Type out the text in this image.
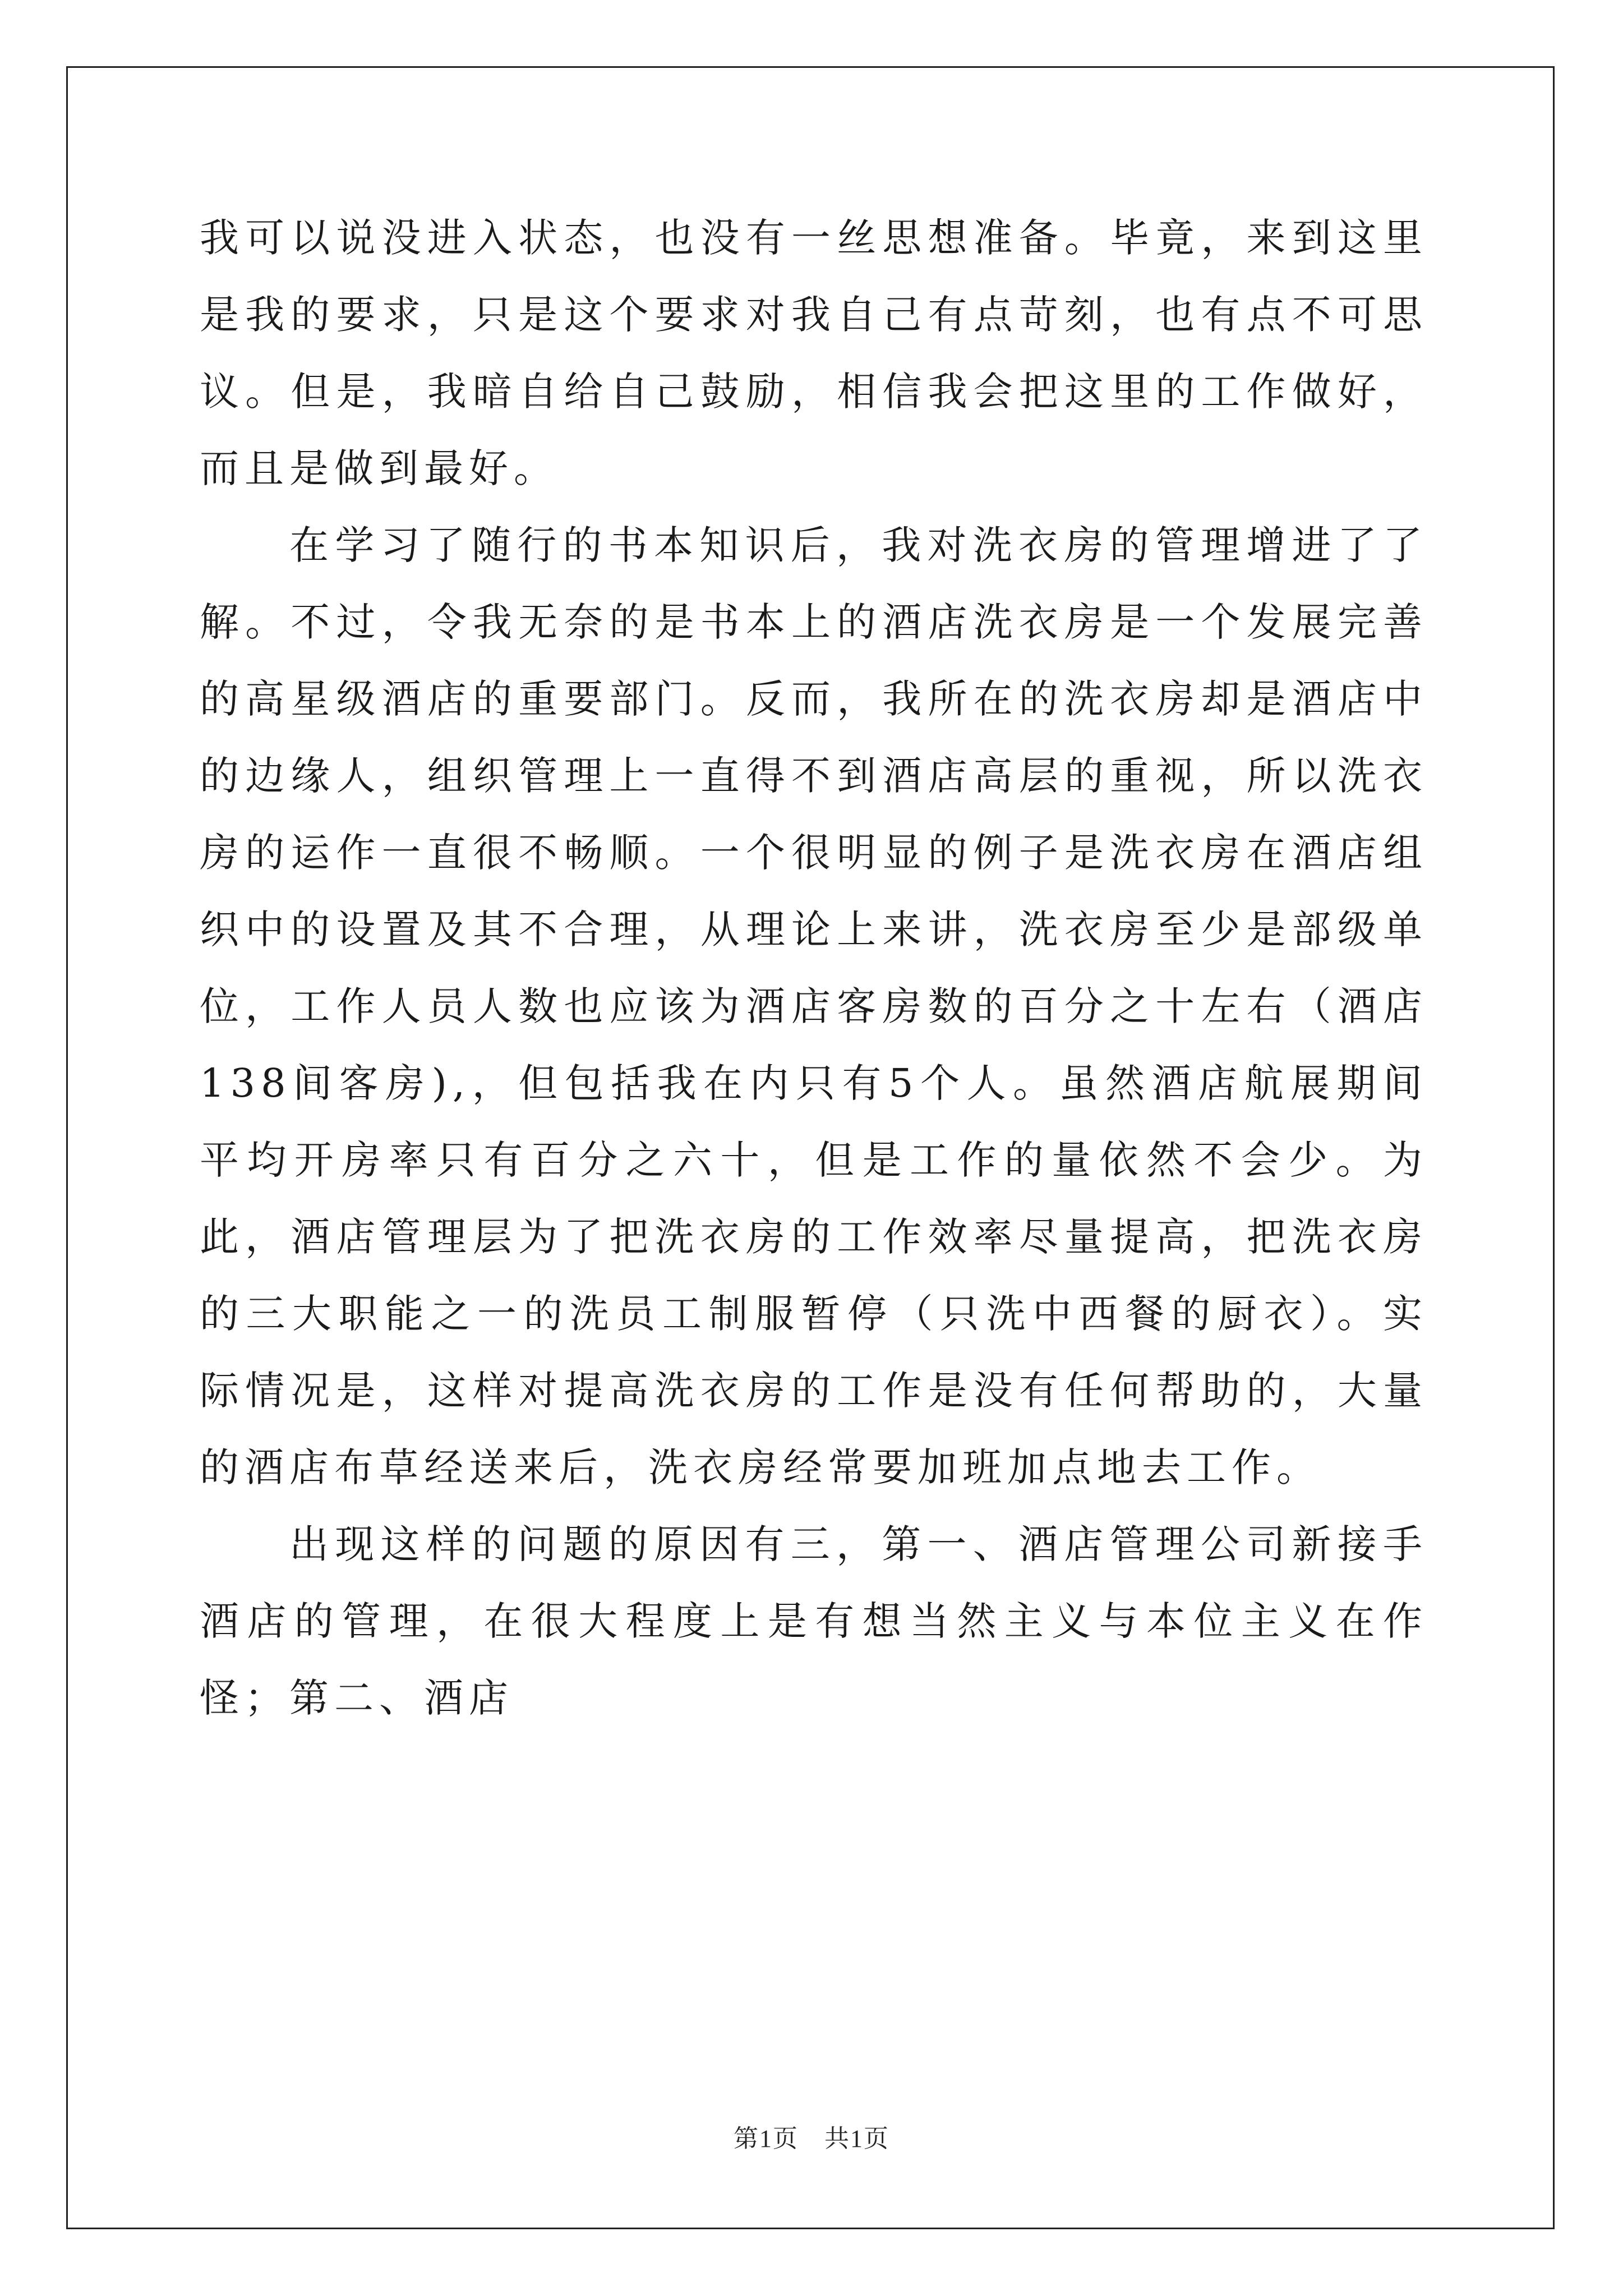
我可以说没进入状态，也没有一丝思想准备。毕竟，来到这里是我的要求，只是这个要求对我自己有点苛刻，也有点不可思议。但是，我暗自给自己鼓励，相信我会把这里的工作做好，而且是做到最好。

在学习了随行的书本知识后，我对洗衣房的管理增进了了解。不过，令我无奈的是书本上的酒店洗衣房是一个发展完善的高星级酒店的重要部门。反而，我所在的洗衣房却是酒店中的边缘人，组织管理上一直得不到酒店高层的重视，所以洗衣房的运作一直很不畅顺。一个很明显的例子是洗衣房在酒店组织中的设置及其不合理，从理论上来讲，洗衣房至少是部级单位，工作人员人数也应该为酒店客房数的百分之十左右（酒店138间客房),，但包括我在内只有5个人。虽然酒店航展期间平均开房率只有百分之六十，但是工作的量依然不会少。为此，酒店管理层为了把洗衣房的工作效率尽量提高，把洗衣房的三大职能之一的洗员工制服暂停（只洗中西餐的厨衣）。实际情况是，这样对提高洗衣房的工作是没有任何帮助的，大量的酒店布草经送来后，洗衣房经常要加班加点地去工作。

出现这样的问题的原因有三，第一、酒店管理公司新接手酒店的管理，在很大程度上是有想当然主义与本位主义在作怪；第二、酒店

第1页　共1页
